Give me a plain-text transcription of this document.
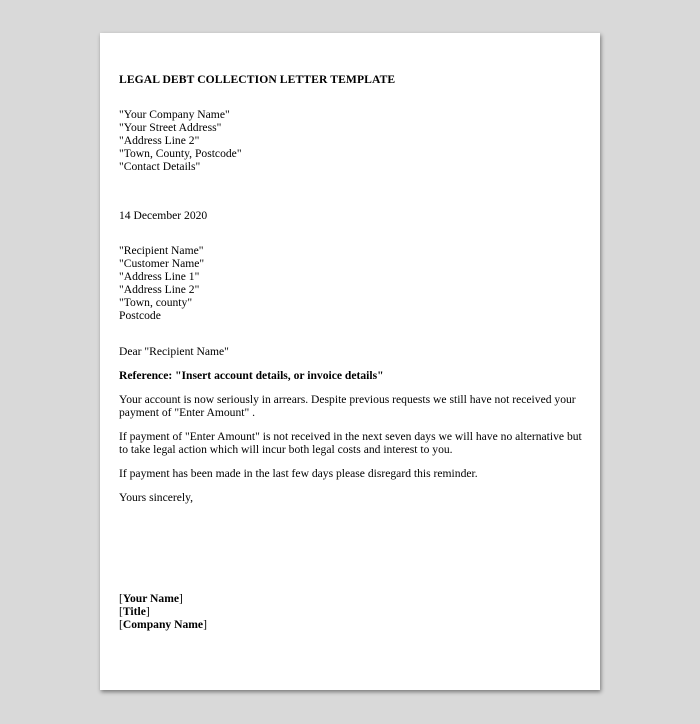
LEGAL DEBT COLLECTION LETTER TEMPLATE

"Your Company Name"
"Your Street Address"
"Address Line 2"
"Town, County, Postcode"
"Contact Details"

14 December 2020

"Recipient Name"
"Customer Name"
"Address Line 1"
"Address Line 2"
"Town, county"
Postcode

Dear "Recipient Name"

Reference: "Insert account details, or invoice details"

Your account is now seriously in arrears. Despite previous requests we still have not received your payment of "Enter Amount" .

If payment of "Enter Amount" is not received in the next seven days we will have no alternative but to take legal action which will incur both legal costs and interest to you.

If payment has been made in the last few days please disregard this reminder.

Yours sincerely,

[Your Name]
[Title]
[Company Name]
